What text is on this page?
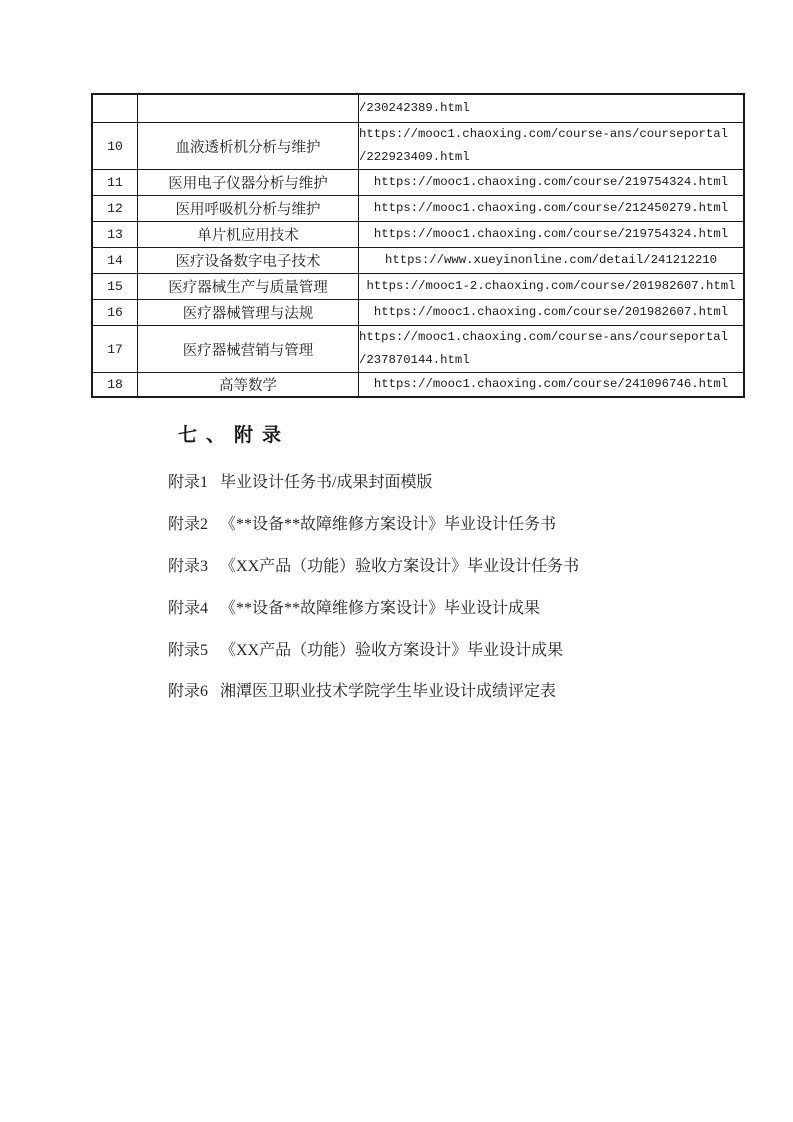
		/230242389.html

10	血液透析机分析与维护	https://mooc1.chaoxing.com/course-ans/courseportal
/222923409.html

11	医用电子仪器分析与维护	https://mooc1.chaoxing.com/course/219754324.html

12	医用呼吸机分析与维护	https://mooc1.chaoxing.com/course/212450279.html

13	单片机应用技术	https://mooc1.chaoxing.com/course/219754324.html

14	医疗设备数字电子技术	https://www.xueyinonline.com/detail/241212210

15	医疗器械生产与质量管理	https://mooc1-2.chaoxing.com/course/201982607.html

16	医疗器械管理与法规	https://mooc1.chaoxing.com/course/201982607.html

17	医疗器械营销与管理	https://mooc1.chaoxing.com/course-ans/courseportal
/237870144.html

18	高等数学	https://mooc1.chaoxing.com/course/241096746.html
七、附录
附录1 毕业设计任务书/成果封面模版
附录2 《**设备**故障维修方案设计》毕业设计任务书
附录3 《XX产品（功能）验收方案设计》毕业设计任务书
附录4 《**设备**故障维修方案设计》毕业设计成果
附录5 《XX产品（功能）验收方案设计》毕业设计成果
附录6 湘潭医卫职业技术学院学生毕业设计成绩评定表
